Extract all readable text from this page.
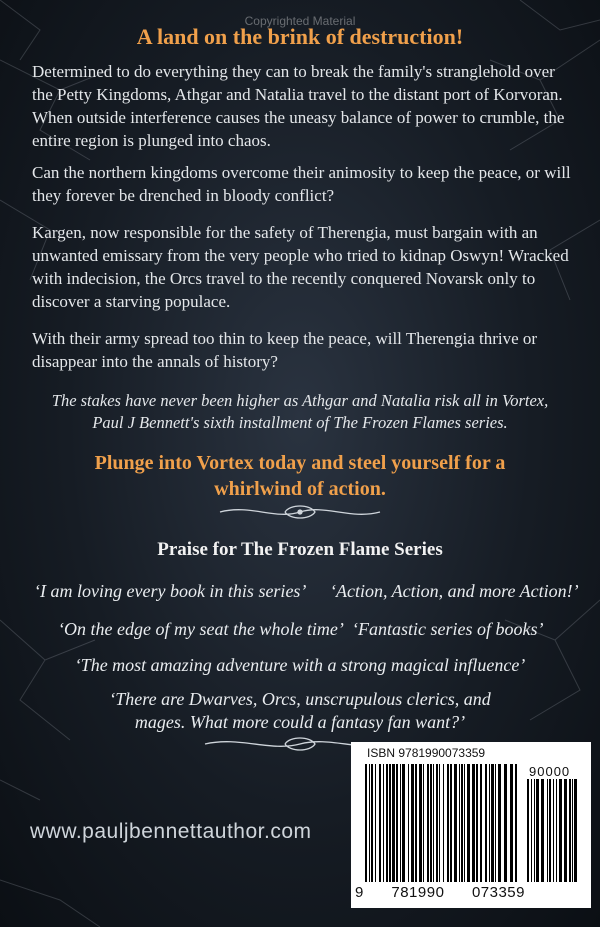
Copyrighted Material
A land on the brink of destruction!
Determined to do everything they can to break the family's stranglehold over the Petty Kingdoms, Athgar and Natalia travel to the distant port of Korvoran. When outside interference causes the uneasy balance of power to crumble, the entire region is plunged into chaos.
Can the northern kingdoms overcome their animosity to keep the peace, or will they forever be drenched in bloody conflict?
Kargen, now responsible for the safety of Therengia, must bargain with an unwanted emissary from the very people who tried to kidnap Oswyn! Wracked with indecision, the Orcs travel to the recently conquered Novarsk only to discover a starving populace.
With their army spread too thin to keep the peace, will Therengia thrive or disappear into the annals of history?
The stakes have never been higher as Athgar and Natalia risk all in Vortex,
Paul J Bennett's sixth installment of The Frozen Flames series.
Plunge into Vortex today and steel yourself for a
whirlwind of action.
Praise for The Frozen Flame Series
‘I am loving every book in this series’ ‘Action, Action, and more Action!’
‘On the edge of my seat the whole time’ ‘Fantastic series of books’
‘The most amazing adventure with a strong magical influence’
‘There are Dwarves, Orcs, unscrupulous clerics, and
mages. What more could a fantasy fan want?’
www.pauljbennettauthor.com
ISBN 9781990073359
90000
9 781990 073359
